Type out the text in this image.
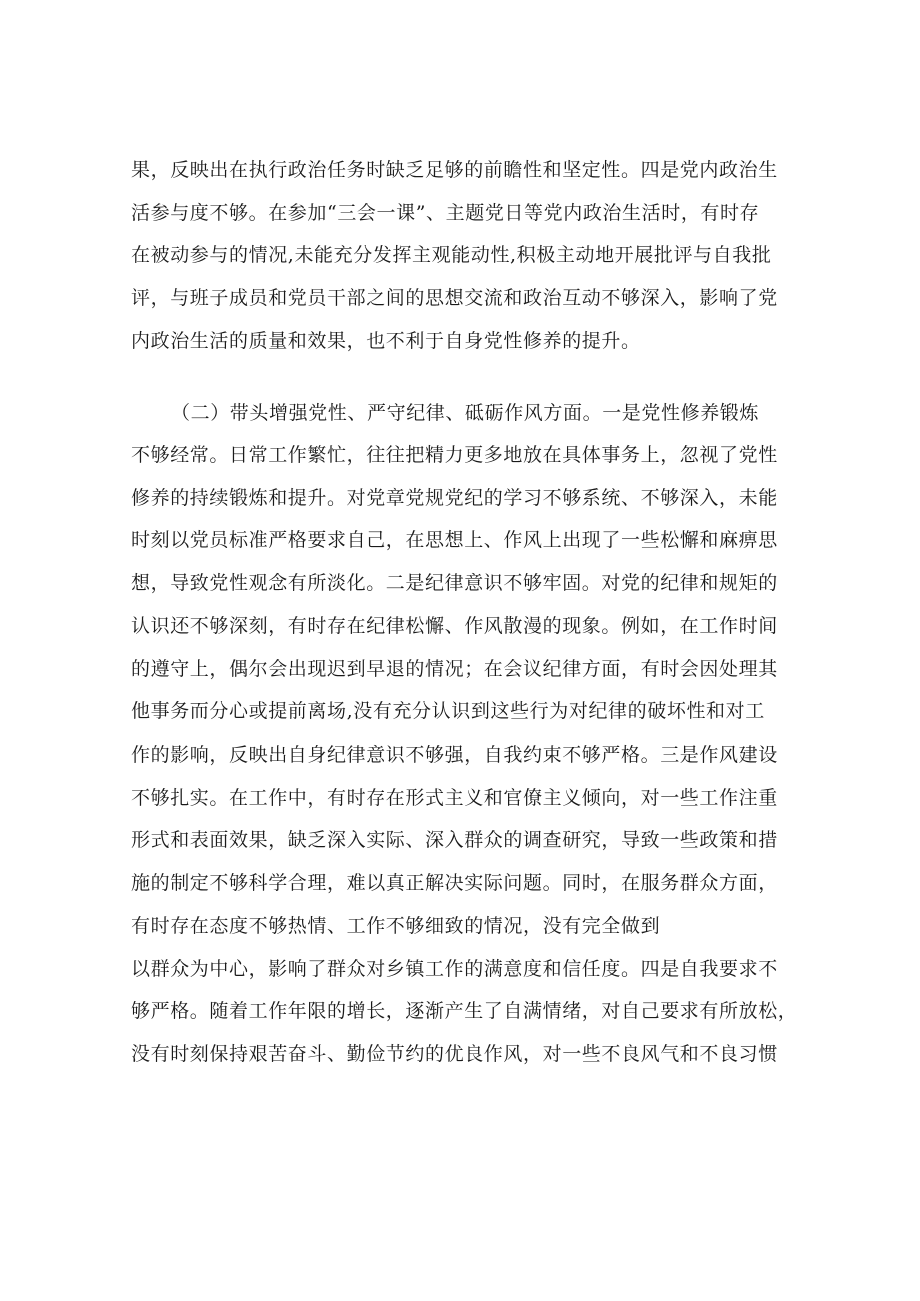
果，反映出在执行政治任务时缺乏足够的前瞻性和坚定性。四是党内政治生
活参与度不够。在参加“三会一课”、主题党日等党内政治生活时，有时存
在被动参与的情况,未能充分发挥主观能动性,积极主动地开展批评与自我批
评，与班子成员和党员干部之间的思想交流和政治互动不够深入，影响了党
内政治生活的质量和效果，也不利于自身党性修养的提升。
（二）带头增强党性、严守纪律、砥砺作风方面。一是党性修养锻炼
不够经常。日常工作繁忙，往往把精力更多地放在具体事务上，忽视了党性
修养的持续锻炼和提升。对党章党规党纪的学习不够系统、不够深入，未能
时刻以党员标准严格要求自己，在思想上、作风上出现了一些松懈和麻痹思
想，导致党性观念有所淡化。二是纪律意识不够牢固。对党的纪律和规矩的
认识还不够深刻，有时存在纪律松懈、作风散漫的现象。例如，在工作时间
的遵守上，偶尔会出现迟到早退的情况；在会议纪律方面，有时会因处理其
他事务而分心或提前离场,没有充分认识到这些行为对纪律的破坏性和对工
作的影响，反映出自身纪律意识不够强，自我约束不够严格。三是作风建设
不够扎实。在工作中，有时存在形式主义和官僚主义倾向，对一些工作注重
形式和表面效果，缺乏深入实际、深入群众的调查研究，导致一些政策和措
施的制定不够科学合理，难以真正解决实际问题。同时，在服务群众方面，
有时存在态度不够热情、工作不够细致的情况，没有完全做到
以群众为中心，影响了群众对乡镇工作的满意度和信任度。四是自我要求不
够严格。随着工作年限的增长，逐渐产生了自满情绪，对自己要求有所放松，
没有时刻保持艰苦奋斗、勤俭节约的优良作风，对一些不良风气和不良习惯
